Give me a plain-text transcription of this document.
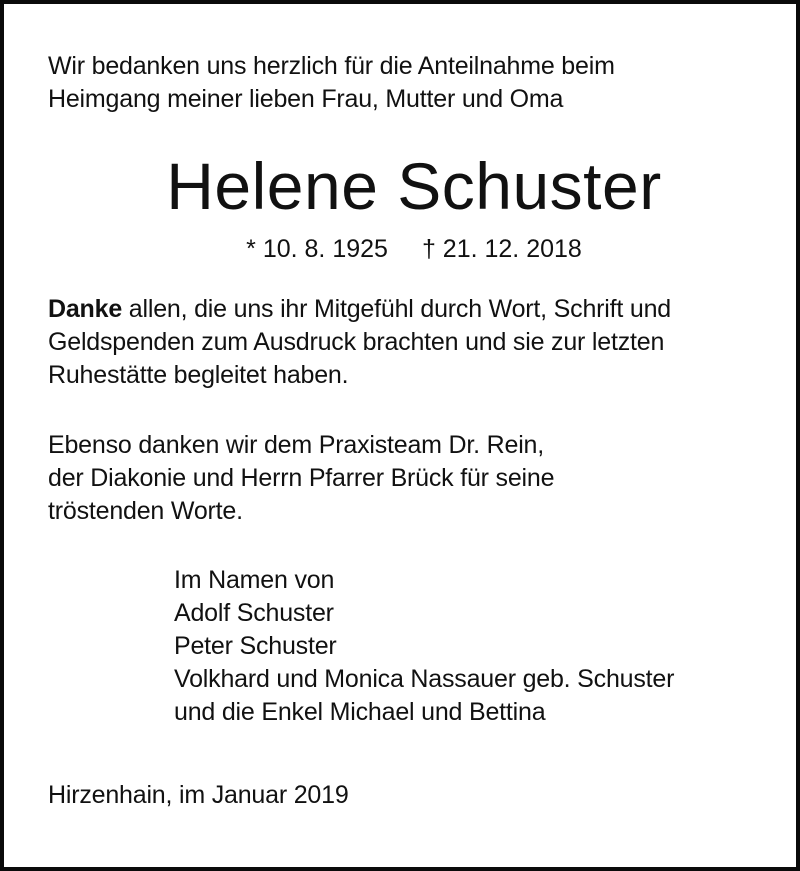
Wir bedanken uns herzlich für die Anteilnahme beim
Heimgang meiner lieben Frau, Mutter und Oma
Helene Schuster
* 10. 8. 1925 † 21. 12. 2018
Danke allen, die uns ihr Mitgefühl durch Wort, Schrift und
Geldspenden zum Ausdruck brachten und sie zur letzten
Ruhestätte begleitet haben.
Ebenso danken wir dem Praxisteam Dr. Rein,
der Diakonie und Herrn Pfarrer Brück für seine
tröstenden Worte.
Im Namen von
Adolf Schuster
Peter Schuster
Volkhard und Monica Nassauer geb. Schuster
und die Enkel Michael und Bettina
Hirzenhain, im Januar 2019
